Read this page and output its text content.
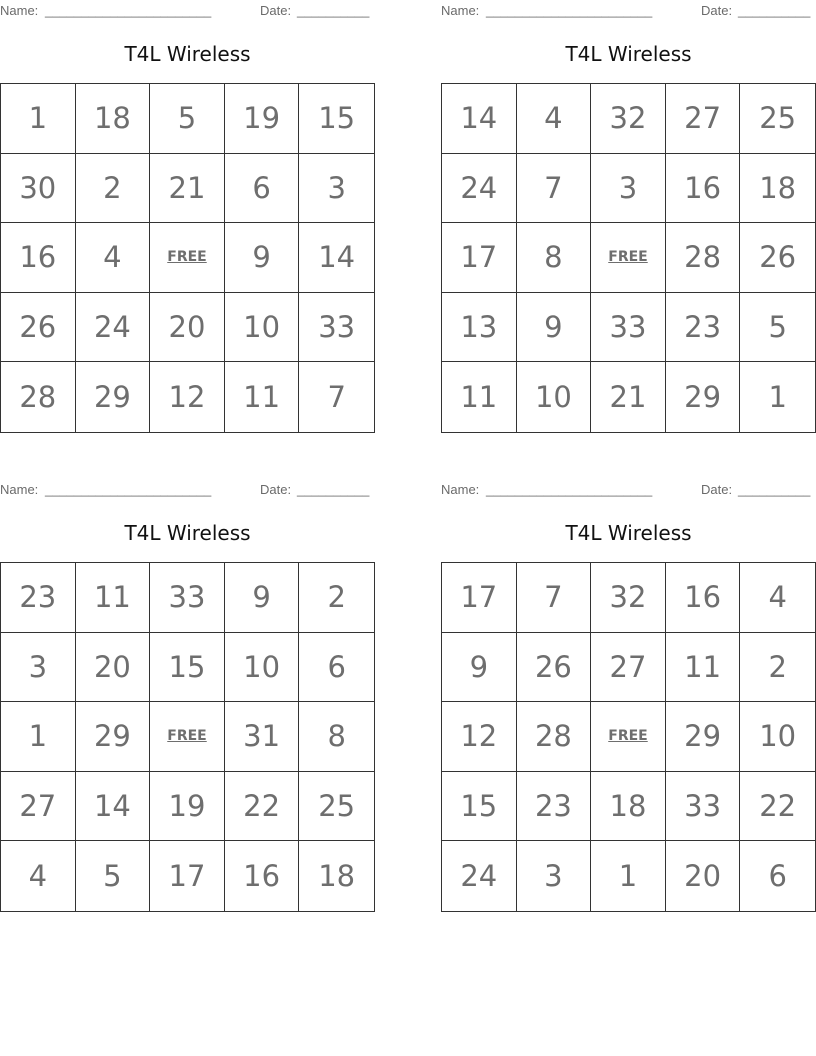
Name: _______________________	Date: __________
T4L Wireless
1	18	5	19	15
30	2	21	6	3
16	4	FREE	9	14
26	24	20	10	33
28	29	12	11	7
Name: _______________________	Date: __________
T4L Wireless
14	4	32	27	25
24	7	3	16	18
17	8	FREE	28	26
13	9	33	23	5
11	10	21	29	1
Name: _______________________	Date: __________
T4L Wireless
23	11	33	9	2
3	20	15	10	6
1	29	FREE	31	8
27	14	19	22	25
4	5	17	16	18
Name: _______________________	Date: __________
T4L Wireless
17	7	32	16	4
9	26	27	11	2
12	28	FREE	29	10
15	23	18	33	22
24	3	1	20	6
